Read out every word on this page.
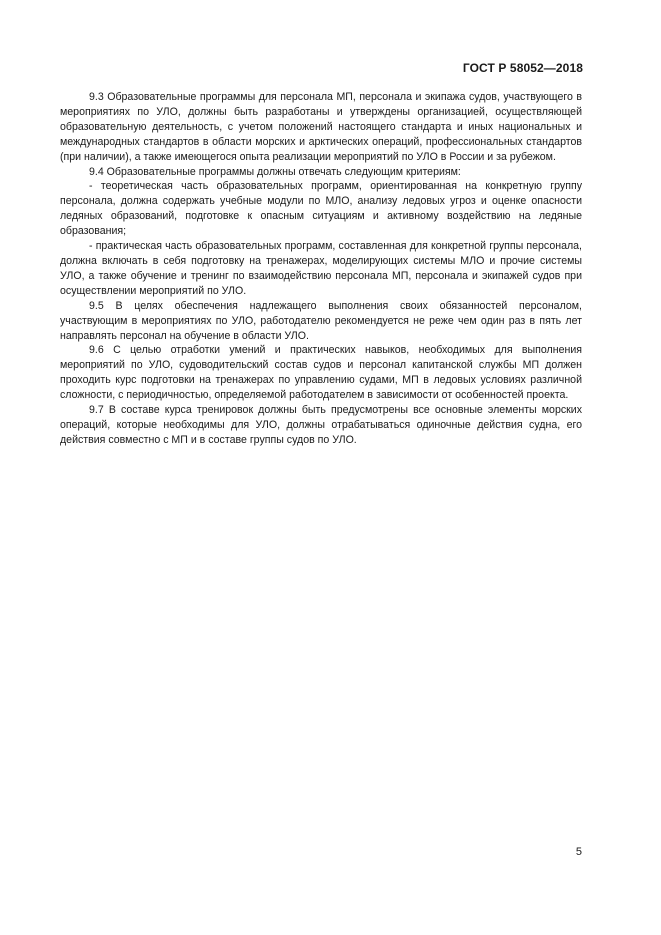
ГОСТ Р 58052—2018

9.3 Образовательные программы для персонала МП, персонала и экипажа судов, участвующего в мероприятиях по УЛО, должны быть разработаны и утверждены организацией, осуществляющей образовательную деятельность, с учетом положений настоящего стандарта и иных национальных и международных стандартов в области морских и арктических операций, профессиональных стандартов (при наличии), а также имеющегося опыта реализации мероприятий по УЛО в России и за рубежом.

9.4 Образовательные программы должны отвечать следующим критериям:

- теоретическая часть образовательных программ, ориентированная на конкретную группу персонала, должна содержать учебные модули по МЛО, анализу ледовых угроз и оценке опасности ледяных образований, подготовке к опасным ситуациям и активному воздействию на ледяные образования;

- практическая часть образовательных программ, составленная для конкретной группы персонала, должна включать в себя подготовку на тренажерах, моделирующих системы МЛО и прочие системы УЛО, а также обучение и тренинг по взаимодействию персонала МП, персонала и экипажей судов при осуществлении мероприятий по УЛО.

9.5 В целях обеспечения надлежащего выполнения своих обязанностей персоналом, участвующим в мероприятиях по УЛО, работодателю рекомендуется не реже чем один раз в пять лет направлять персонал на обучение в области УЛО.

9.6 С целью отработки умений и практических навыков, необходимых для выполнения мероприятий по УЛО, судоводительский состав судов и персонал капитанской службы МП должен проходить курс подготовки на тренажерах по управлению судами, МП в ледовых условиях различной сложности, с периодичностью, определяемой работодателем в зависимости от особенностей проекта.

9.7 В составе курса тренировок должны быть предусмотрены все основные элементы морских операций, которые необходимы для УЛО, должны отрабатываться одиночные действия судна, его действия совместно с МП и в составе группы судов по УЛО.

5
